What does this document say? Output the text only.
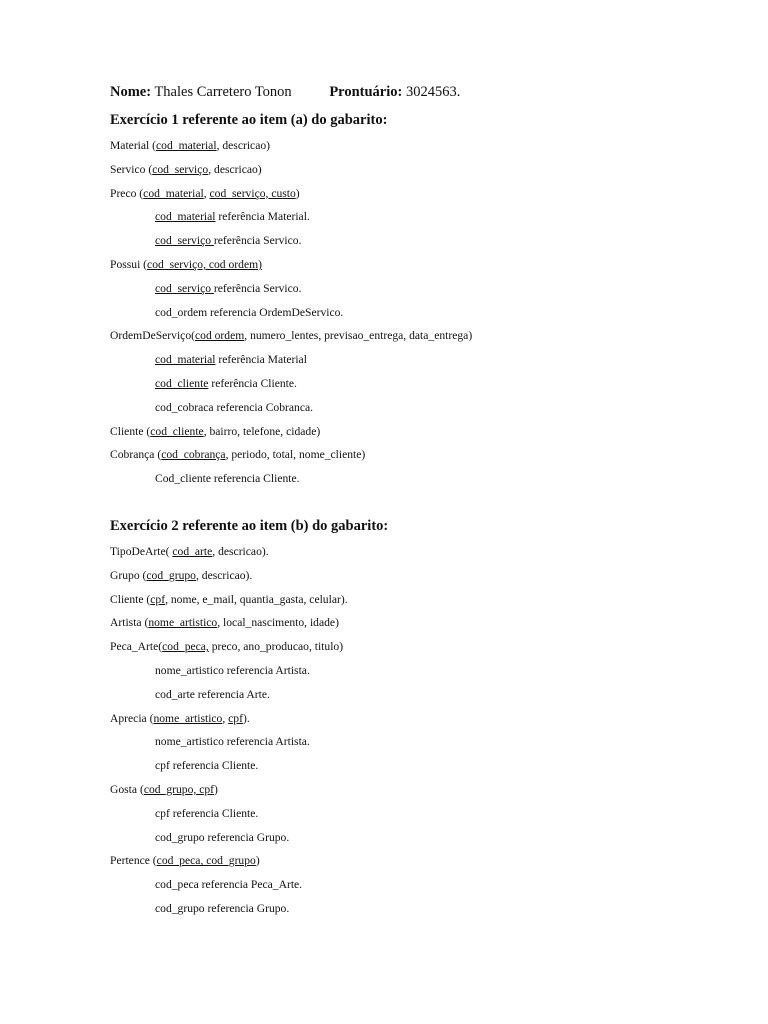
Nome: Thales Carretero Tonon	Prontuário: 3024563.
Exercício 1 referente ao item (a) do gabarito:
Material (cod_material, descricao)
Servico (cod_serviço, descricao)
Preco (cod_material, cod_serviço, custo)
cod_material referência Material.
cod_serviço referência Servico.
Possui (cod_serviço, cod ordem)
cod_serviço referência Servico.
cod_ordem referencia OrdemDeServico.
OrdemDeServiço(cod ordem, numero_lentes, previsao_entrega, data_entrega)
cod_material referência Material
cod_cliente referência Cliente.
cod_cobraca referencia Cobranca.
Cliente (cod_cliente, bairro, telefone, cidade)
Cobrança (cod_cobrança, periodo, total, nome_cliente)
Cod_cliente referencia Cliente.
Exercício 2 referente ao item (b) do gabarito:
TipoDeArte( cod_arte, descricao).
Grupo (cod_grupo, descricao).
Cliente (cpf, nome, e_mail, quantia_gasta, celular).
Artista (nome_artistico, local_nascimento, idade)
Peca_Arte(cod_peca, preco, ano_producao, titulo)
nome_artistico referencia Artista.
cod_arte referencia Arte.
Aprecia (nome_artistico, cpf).
nome_artistico referencia Artista.
cpf referencia Cliente.
Gosta (cod_grupo, cpf)
cpf referencia Cliente.
cod_grupo referencia Grupo.
Pertence (cod_peca, cod_grupo)
cod_peca referencia Peca_Arte.
cod_grupo referencia Grupo.
